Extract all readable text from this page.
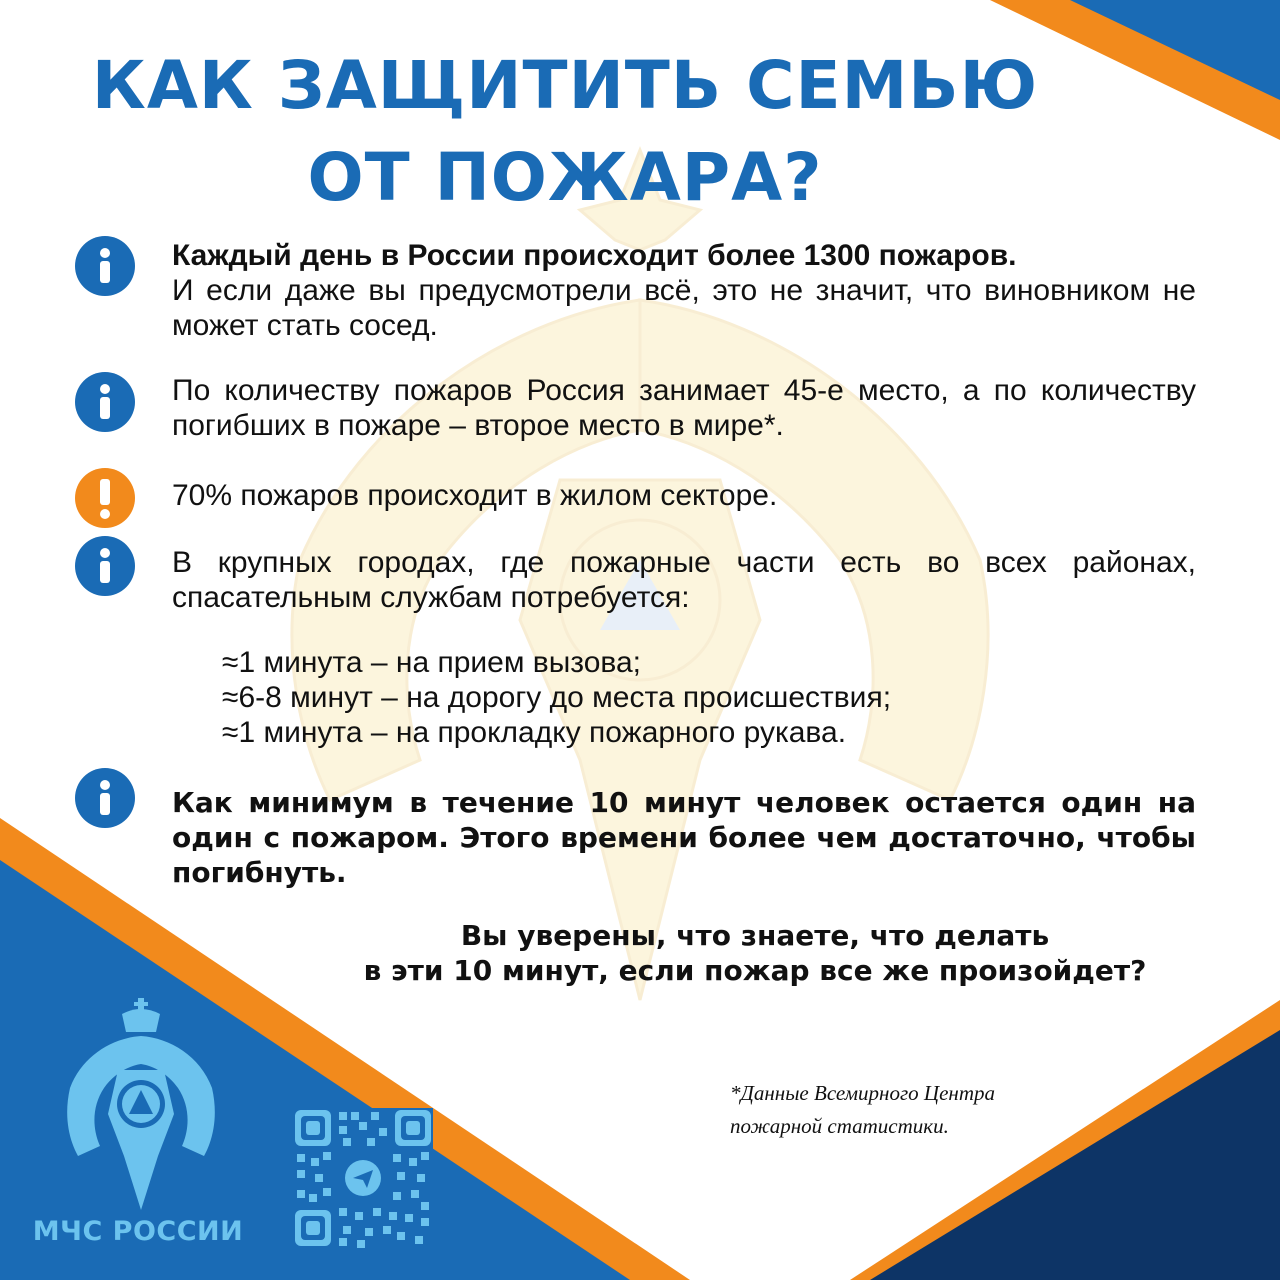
КАК ЗАЩИТИТЬ СЕМЬЮ
ОТ ПОЖАРА?

Каждый день в России происходит более 1300 пожаров.
И если даже вы предусмотрели всё, это не значит, что виновником не может стать сосед.

По количеству пожаров Россия занимает 45-е место, а по количеству погибших в пожаре – второе место в мире*.

70% пожаров происходит в жилом секторе.

В крупных городах, где пожарные части есть во всех районах, спасательным службам потребуется:

≈1 минута – на прием вызова;
≈6-8 минут – на дорогу до места происшествия;
≈1 минута – на прокладку пожарного рукава.

Как минимум в течение 10 минут человек остается один на один с пожаром. Этого времени более чем достаточно, чтобы погибнуть.

Вы уверены, что знаете, что делать
в эти 10 минут, если пожар все же произойдет?

*Данные Всемирного Центра
пожарной статистики.

МЧС РОССИИ
